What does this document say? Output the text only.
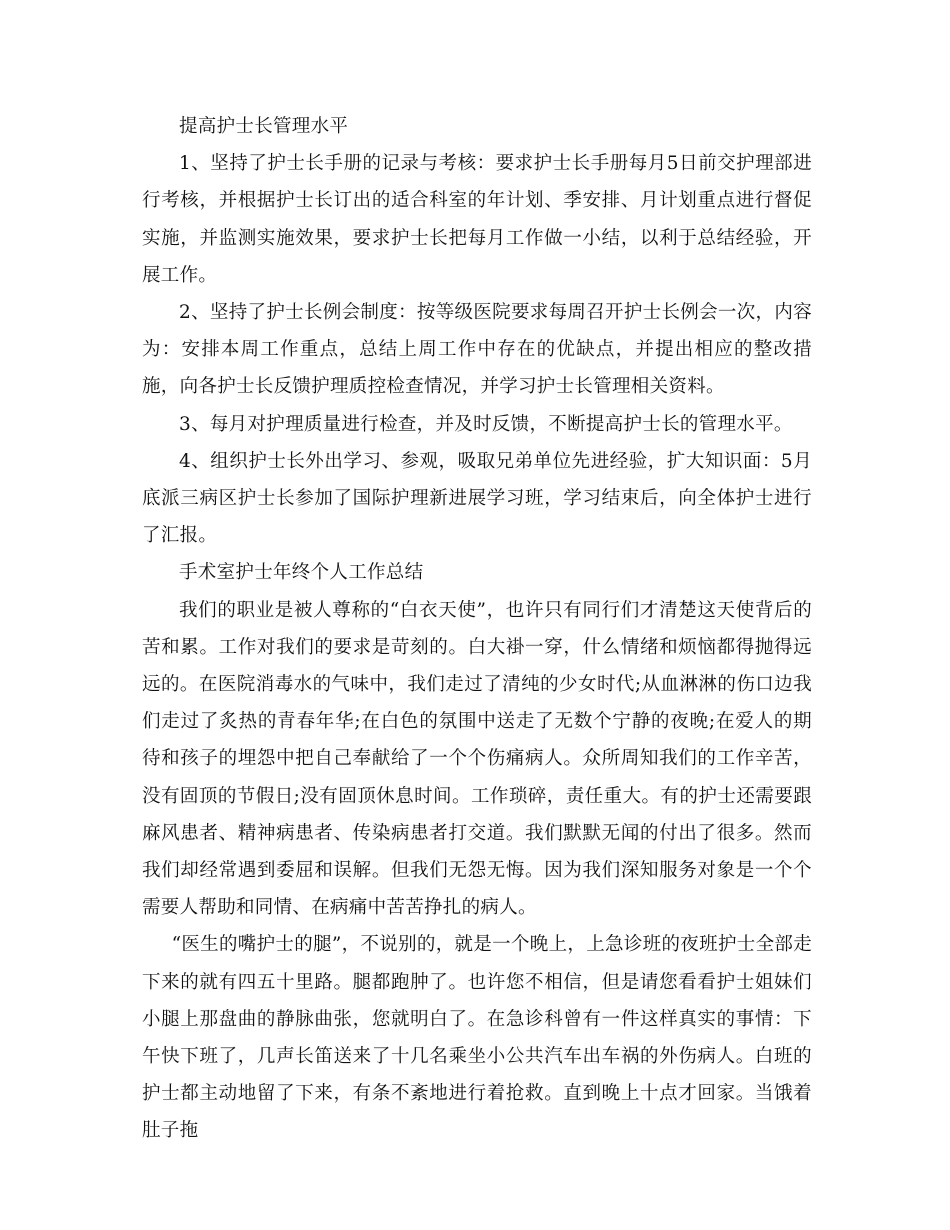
提高护士长管理水平

1、坚持了护士长手册的记录与考核：要求护士长手册每月5日前交护理部进行考核，并根据护士长订出的适合科室的年计划、季安排、月计划重点进行督促实施，并监测实施效果，要求护士长把每月工作做一小结，以利于总结经验，开展工作。

2、坚持了护士长例会制度：按等级医院要求每周召开护士长例会一次，内容为：安排本周工作重点，总结上周工作中存在的优缺点，并提出相应的整改措施，向各护士长反馈护理质控检查情况，并学习护士长管理相关资料。

3、每月对护理质量进行检查，并及时反馈，不断提高护士长的管理水平。

4、组织护士长外出学习、参观，吸取兄弟单位先进经验，扩大知识面：5月底派三病区护士长参加了国际护理新进展学习班，学习结束后，向全体护士进行了汇报。

手术室护士年终个人工作总结

我们的职业是被人尊称的“白衣天使”，也许只有同行们才清楚这天使背后的苦和累。工作对我们的要求是苛刻的。白大褂一穿，什么情绪和烦恼都得抛得远远的。在医院消毒水的气味中，我们走过了清纯的少女时代;从血淋淋的伤口边我们走过了炙热的青春年华;在白色的氛围中送走了无数个宁静的夜晚;在爱人的期待和孩子的埋怨中把自己奉献给了一个个伤痛病人。众所周知我们的工作辛苦，没有固顶的节假日;没有固顶休息时间。工作琐碎，责任重大。有的护士还需要跟麻风患者、精神病患者、传染病患者打交道。我们默默无闻的付出了很多。然而我们却经常遇到委屈和误解。但我们无怨无悔。因为我们深知服务对象是一个个需要人帮助和同情、在病痛中苦苦挣扎的病人。

“医生的嘴护士的腿”，不说别的，就是一个晚上，上急诊班的夜班护士全部走下来的就有四五十里路。腿都跑肿了。也许您不相信，但是请您看看护士姐妹们小腿上那盘曲的静脉曲张，您就明白了。在急诊科曾有一件这样真实的事情：下午快下班了，几声长笛送来了十几名乘坐小公共汽车出车祸的外伤病人。白班的护士都主动地留了下来，有条不紊地进行着抢救。直到晚上十点才回家。当饿着肚子拖
